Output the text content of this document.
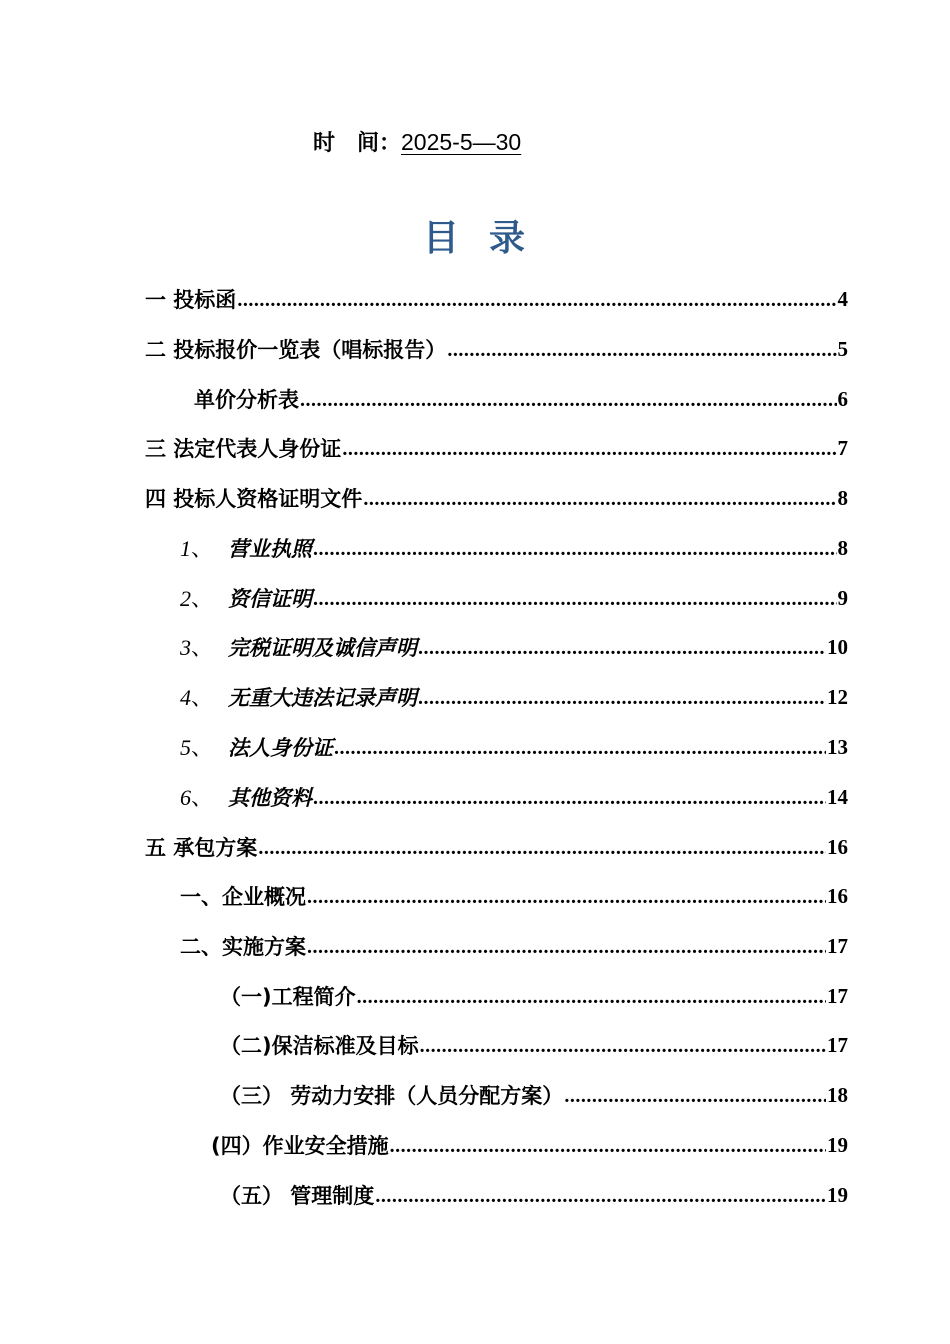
时　间：2025-5—30
目 录
一 投标函 .....	4
二 投标报价一览表（唱标报告） .....	5
单价分析表 .....	6
三 法定代表人身份证 .....	7
四 投标人资格证明文件 .....	8
1、 营业执照 .....	8
2、 资信证明 .....	9
3、 完税证明及诚信声明 .....	10
4、 无重大违法记录声明 .....	12
5、 法人身份证 .....	13
6、 其他资料 .....	14
五 承包方案 .....	16
一、企业概况 .....	16
二、实施方案 .....	17
（一)工程简介 .....	17
（二)保洁标准及目标 .....	17
（三） 劳动力安排（人员分配方案） .....	18
(四）作业安全措施 .....	19
（五） 管理制度 .....	19
